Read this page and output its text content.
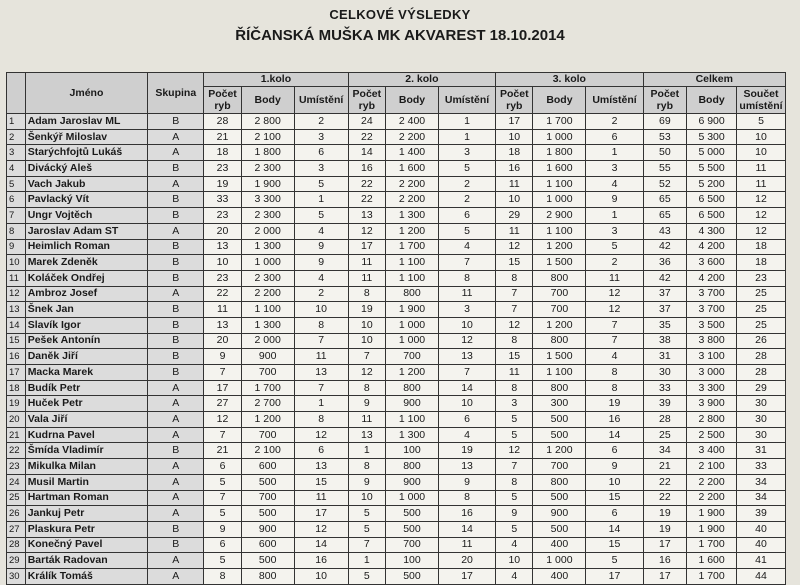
CELKOVÉ VÝSLEDKY
ŘÍČANSKÁ MUŠKA MK AKVAREST 18.10.2014
	Jméno	Skupina	1.kolo			2. kolo			3. kolo			Celkem		
			Počet ryb	Body	Umístění	Počet ryb	Body	Umístění	Počet ryb	Body	Umístění	Počet ryb	Body	Součet umístění
1	Adam Jaroslav ML	B	28	2 800	2	24	2 400	1	17	1 700	2	69	6 900	5
2	Šenkýř Miloslav	A	21	2 100	3	22	2 200	1	10	1 000	6	53	5 300	10
3	Starýchfojtů Lukáš	A	18	1 800	6	14	1 400	3	18	1 800	1	50	5 000	10
4	Divácký Aleš	B	23	2 300	3	16	1 600	5	16	1 600	3	55	5 500	11
5	Vach Jakub	A	19	1 900	5	22	2 200	2	11	1 100	4	52	5 200	11
6	Pavlacký Vít	B	33	3 300	1	22	2 200	2	10	1 000	9	65	6 500	12
7	Ungr Vojtěch	B	23	2 300	5	13	1 300	6	29	2 900	1	65	6 500	12
8	Jaroslav Adam ST	A	20	2 000	4	12	1 200	5	11	1 100	3	43	4 300	12
9	Heimlich Roman	B	13	1 300	9	17	1 700	4	12	1 200	5	42	4 200	18
10	Marek Zdeněk	B	10	1 000	9	11	1 100	7	15	1 500	2	36	3 600	18
11	Koláček Ondřej	B	23	2 300	4	11	1 100	8	8	800	11	42	4 200	23
12	Ambroz Josef	A	22	2 200	2	8	800	11	7	700	12	37	3 700	25
13	Šnek Jan	B	11	1 100	10	19	1 900	3	7	700	12	37	3 700	25
14	Slavík Igor	B	13	1 300	8	10	1 000	10	12	1 200	7	35	3 500	25
15	Pešek Antonín	B	20	2 000	7	10	1 000	12	8	800	7	38	3 800	26
16	Daněk Jiří	B	9	900	11	7	700	13	15	1 500	4	31	3 100	28
17	Macka Marek	B	7	700	13	12	1 200	7	11	1 100	8	30	3 000	28
18	Budík Petr	A	17	1 700	7	8	800	14	8	800	8	33	3 300	29
19	Huček Petr	A	27	2 700	1	9	900	10	3	300	19	39	3 900	30
20	Vala Jiří	A	12	1 200	8	11	1 100	6	5	500	16	28	2 800	30
21	Kudrna Pavel	A	7	700	12	13	1 300	4	5	500	14	25	2 500	30
22	Šmída Vladimír	B	21	2 100	6	1	100	19	12	1 200	6	34	3 400	31
23	Mikulka Milan	A	6	600	13	8	800	13	7	700	9	21	2 100	33
24	Musil Martin	A	5	500	15	9	900	9	8	800	10	22	2 200	34
25	Hartman Roman	A	7	700	11	10	1 000	8	5	500	15	22	2 200	34
26	Jankuj Petr	A	5	500	17	5	500	16	9	900	6	19	1 900	39
27	Plaskura Petr	B	9	900	12	5	500	14	5	500	14	19	1 900	40
28	Konečný Pavel	B	6	600	14	7	700	11	4	400	15	17	1 700	40
29	Barták Radovan	A	5	500	16	1	100	20	10	1 000	5	16	1 600	41
30	Králík Tomáš	A	8	800	10	5	500	17	4	400	17	17	1 700	44
